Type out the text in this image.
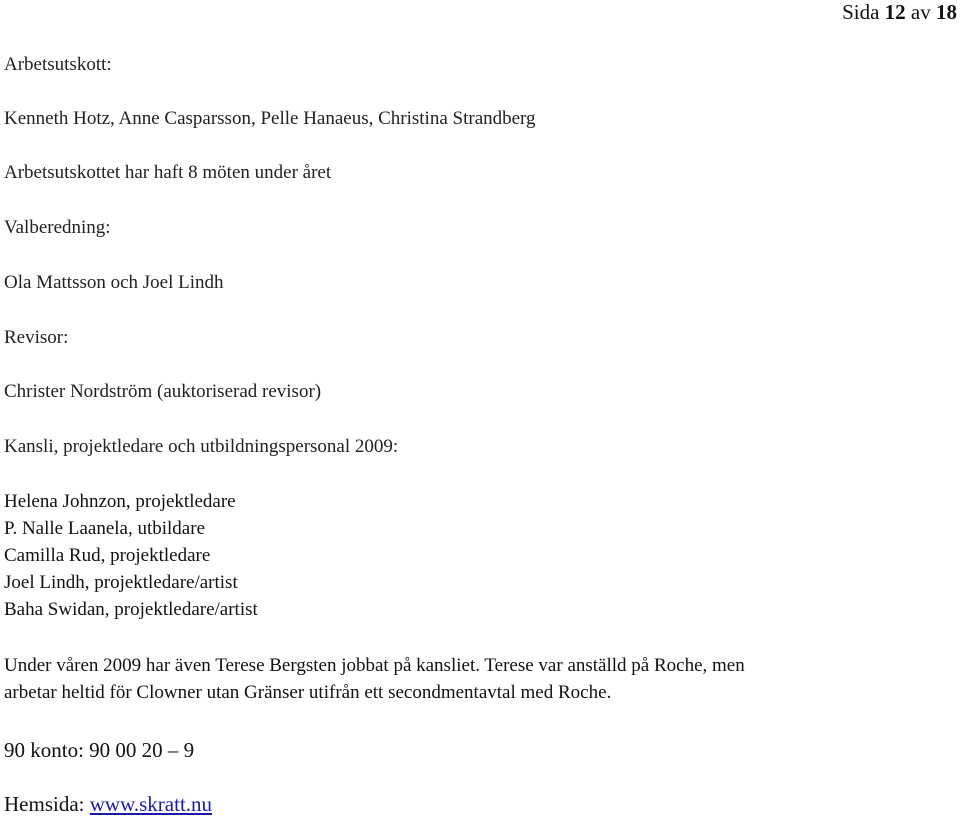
Sida 12 av 18
Arbetsutskott:
Kenneth Hotz, Anne Casparsson, Pelle Hanaeus, Christina Strandberg
Arbetsutskottet har haft 8 möten under året
Valberedning:
Ola Mattsson och Joel Lindh
Revisor:
Christer Nordström (auktoriserad revisor)
Kansli, projektledare och utbildningspersonal 2009:
Helena Johnzon, projektledare
P. Nalle Laanela, utbildare
Camilla Rud, projektledare
Joel Lindh, projektledare/artist
Baha Swidan, projektledare/artist
Under våren 2009 har även Terese Bergsten jobbat på kansliet. Terese var anställd på Roche, men
arbetar heltid för Clowner utan Gränser utifrån ett secondmentavtal med Roche.
90 konto: 90 00 20 – 9
Hemsida: www.skratt.nu
